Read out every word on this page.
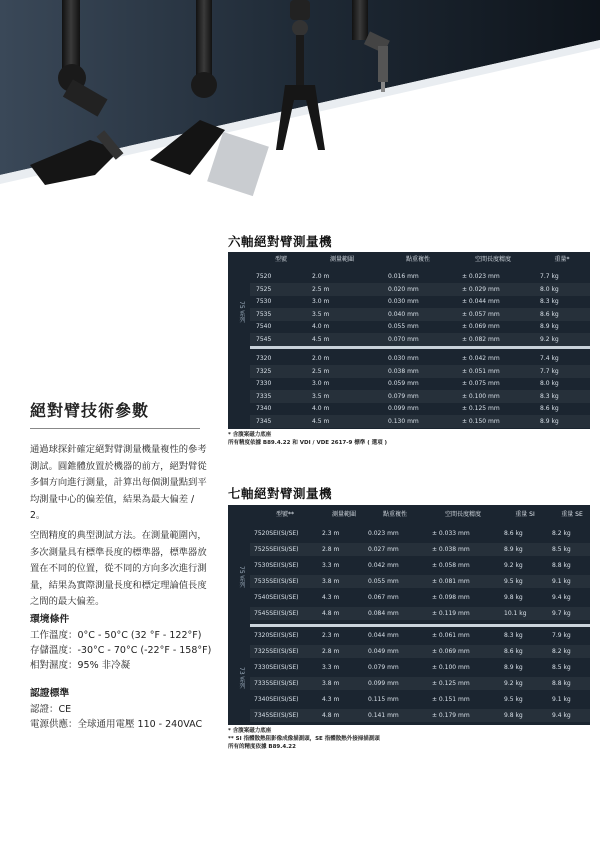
絕對臂技術參數
通過球探針確定絕對臂測量機量複性的參考測試。圓錐體放置於機器的前方，絕對臂從多個方向進行測量，計算出每個測量點到平均測量中心的偏差值，結果為最大偏差 / 2。
空間精度的典型測試方法。在測量範圍內，多次測量具有標準長度的標準器，標準器放置在不同的位置，從不同的方向多次進行測量，結果為實際測量長度和標定理論值長度之間的最大偏差。
環境條件
工作溫度：0°C - 50°C (32 °F - 122°F)
存儲溫度：-30°C - 70°C (-22°F - 158°F)
相對濕度：95% 非冷凝
認證標準
認證：CE
電源供應：全球通用電壓 110 - 240VAC
六軸絕對臂測量機
型號	測量範圍	點重複性	空間長度精度	重量*
75 系列
7520	2.0 m	0.016 mm	± 0.023 mm	7.7 kg
7525	2.5 m	0.020 mm	± 0.029 mm	8.0 kg
7530	3.0 m	0.030 mm	± 0.044 mm	8.3 kg
7535	3.5 m	0.040 mm	± 0.057 mm	8.6 kg
7540	4.0 m	0.055 mm	± 0.069 mm	8.9 kg
7545	4.5 m	0.070 mm	± 0.082 mm	9.2 kg
7320	2.0 m	0.030 mm	± 0.042 mm	7.4 kg
7325	2.5 m	0.038 mm	± 0.051 mm	7.7 kg
7330	3.0 m	0.059 mm	± 0.075 mm	8.0 kg
7335	3.5 m	0.079 mm	± 0.100 mm	8.3 kg
7340	4.0 m	0.099 mm	± 0.125 mm	8.6 kg
7345	4.5 m	0.130 mm	± 0.150 mm	8.9 kg
* 含腹案磁力底座
所有精度依據 B89.4.22 和 VDI / VDE 2617-9 標準 ( 選項 )
七軸絕對臂測量機
型號**	測量範圍	點重複性	空間長度精度	重量 SI	重量 SE
75 系列
73 系列
7520SEI(SI/SE)	2.3 m	0.023 mm	± 0.033 mm	8.6 kg	8.2 kg
7525SEI(SI/SE)	2.8 m	0.027 mm	± 0.038 mm	8.9 kg	8.5 kg
7530SEI(SI/SE)	3.3 m	0.042 mm	± 0.058 mm	9.2 kg	8.8 kg
7535SEI(SI/SE)	3.8 m	0.055 mm	± 0.081 mm	9.5 kg	9.1 kg
7540SEI(SI/SE)	4.3 m	0.067 mm	± 0.098 mm	9.8 kg	9.4 kg
7545SEI(SI/SE)	4.8 m	0.084 mm	± 0.119 mm	10.1 kg	9.7 kg
7320SEI(SI/SE)	2.3 m	0.044 mm	± 0.061 mm	8.3 kg	7.9 kg
7325SEI(SI/SE)	2.8 m	0.049 mm	± 0.069 mm	8.6 kg	8.2 kg
7330SEI(SI/SE)	3.3 m	0.079 mm	± 0.100 mm	8.9 kg	8.5 kg
7335SEI(SI/SE)	3.8 m	0.099 mm	± 0.125 mm	9.2 kg	8.8 kg
7340SEI(SI/SE)	4.3 m	0.115 mm	± 0.151 mm	9.5 kg	9.1 kg
7345SEI(SI/SE)	4.8 m	0.141 mm	± 0.179 mm	9.8 kg	9.4 kg
* 含腹案磁力底座
** SI 指體散熱阻影像成像描測頭，SE 指體散熱外接掃描測頭
所有的精度依據 B89.4.22
